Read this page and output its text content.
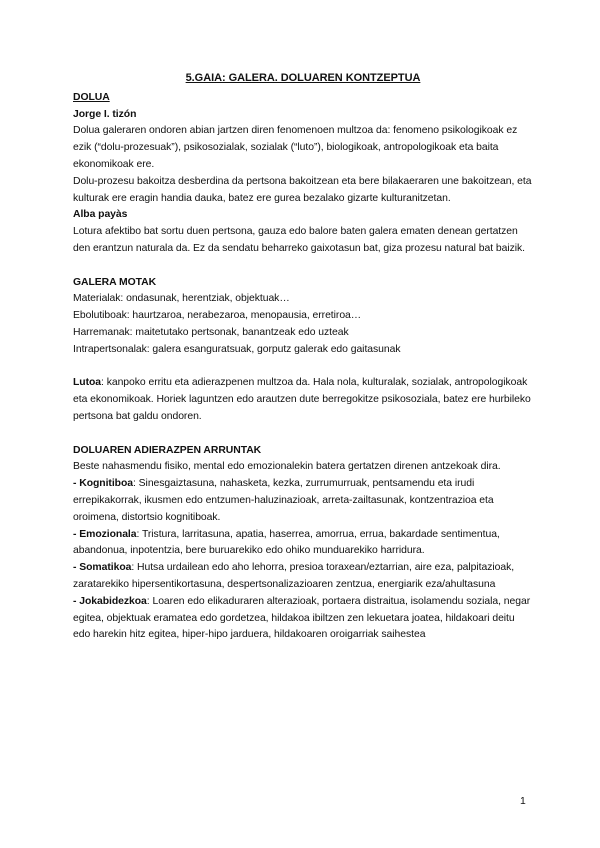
5.GAIA: GALERA. DOLUAREN KONTZEPTUA

DOLUA

Jorge I. tizón

Dolua galeraren ondoren abian jartzen diren fenomenoen multzoa da: fenomeno psikologikoak ez ezik (“dolu-prozesuak”), psikosozialak, sozialak (“luto”), biologikoak, antropologikoak eta baita ekonomikoak ere.

Dolu-prozesu bakoitza desberdina da pertsona bakoitzean eta bere bilakaeraren une bakoitzean, eta kulturak ere eragin handia dauka, batez ere gurea bezalako gizarte kulturanitzetan.

Alba payàs

Lotura afektibo bat sortu duen pertsona, gauza edo balore baten galera ematen denean gertatzen den erantzun naturala da. Ez da sendatu beharreko gaixotasun bat, giza prozesu natural bat baizik.

GALERA MOTAK

Materialak: ondasunak, herentziak, objektuak…

Ebolutiboak: haurtzaroa, nerabezaroa, menopausia, erretiroa…

Harremanak: maitetutako pertsonak, banantzeak edo uzteak

Intrapertsonalak: galera esanguratsuak, gorputz galerak edo gaitasunak

Lutoa: kanpoko erritu eta adierazpenen multzoa da. Hala nola, kulturalak, sozialak, antropologikoak eta ekonomikoak. Horiek laguntzen edo arautzen dute berregokitze psikosoziala, batez ere hurbileko pertsona bat galdu ondoren.

DOLUAREN ADIERAZPEN ARRUNTAK

Beste nahasmendu fisiko, mental edo emozionalekin batera gertatzen direnen antzekoak dira.

- Kognitiboa: Sinesgaiztasuna, nahasketa, kezka, zurrumurruak, pentsamendu eta irudi errepikakorrak, ikusmen edo entzumen-haluzinazioak, arreta-zailtasunak, kontzentrazioa eta oroimena, distortsio kognitiboak.

- Emozionala: Tristura, larritasuna, apatia, haserrea, amorrua, errua, bakardade sentimentua, abandonua, inpotentzia, bere buruarekiko edo ohiko munduarekiko harridura.

- Somatikoa: Hutsa urdailean edo aho lehorra, presioa toraxean/eztarrian, aire eza, palpitazioak, zaratarekiko hipersentikortasuna, despertsonalizazioaren zentzua, energiarik eza/ahultasuna

- Jokabidezkoa: Loaren edo elikaduraren alterazioak, portaera distraitua, isolamendu soziala, negar egitea, objektuak eramatea edo gordetzea, hildakoa ibiltzen zen lekuetara joatea, hildakoari deitu edo harekin hitz egitea, hiper-hipo jarduera, hildakoaren oroigarriak saihestea

1
